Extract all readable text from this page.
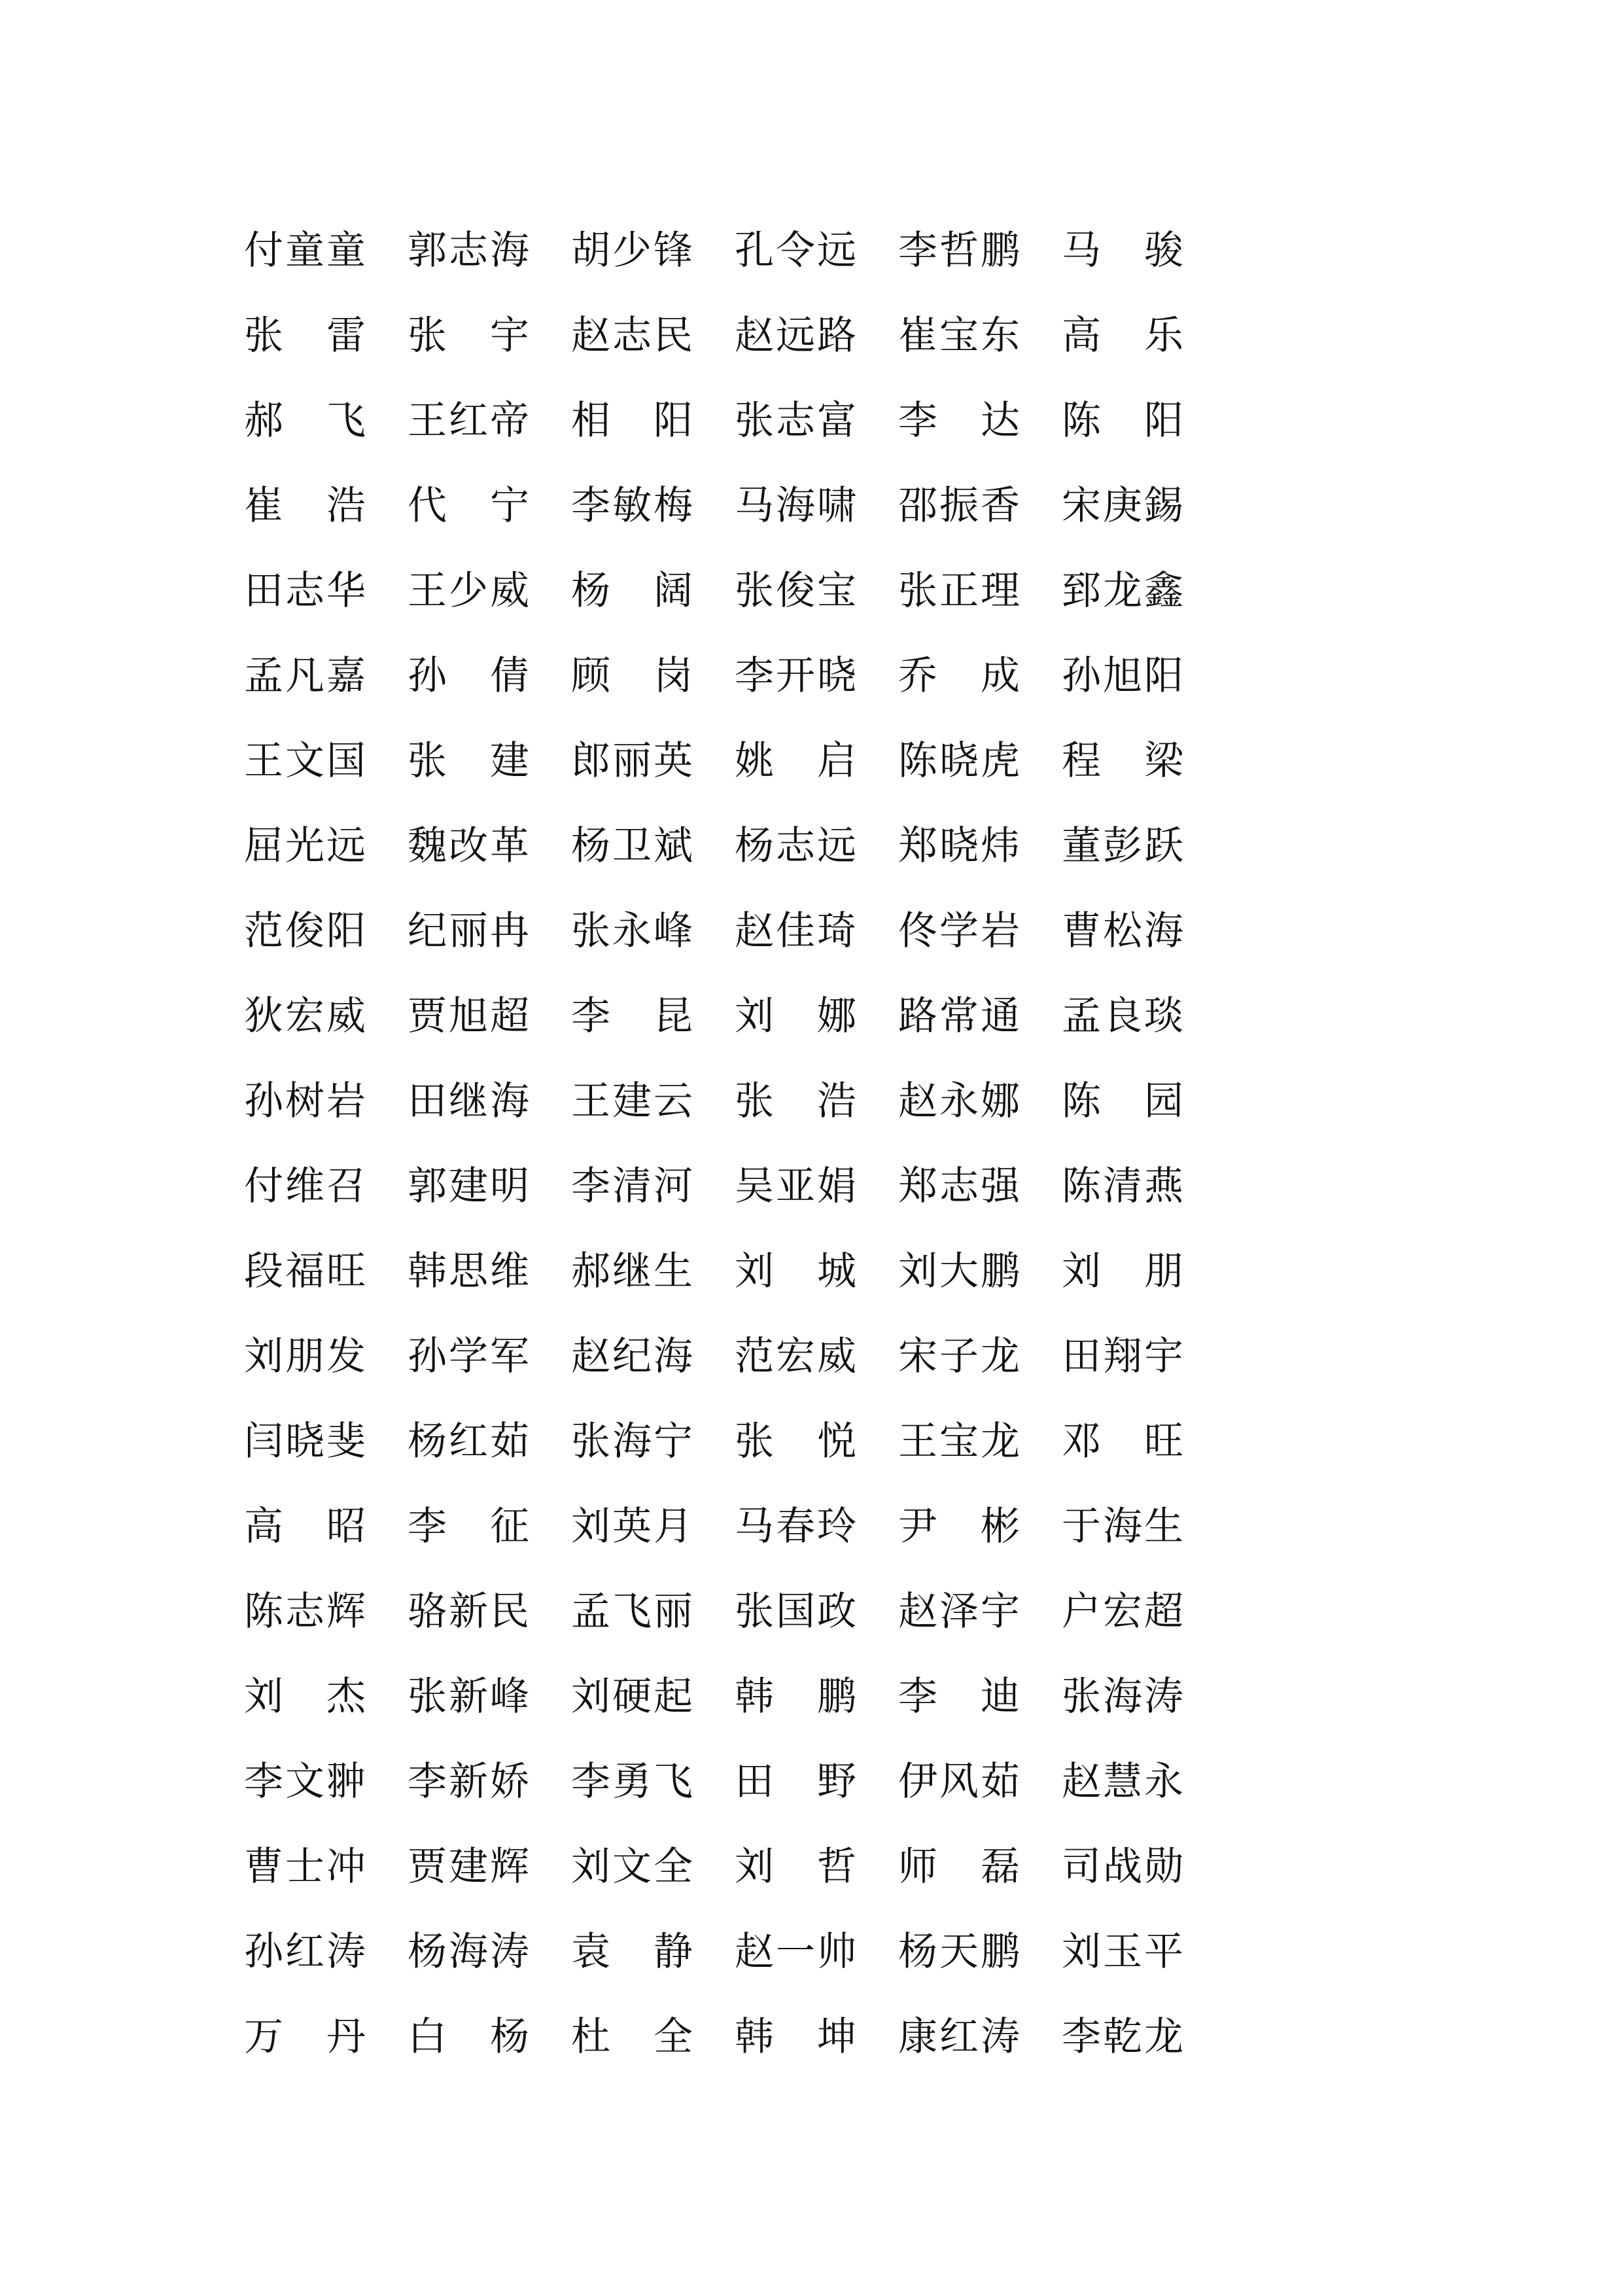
付 童 童 郭 志 海 胡 少 锋 孔 令 远 李 哲 鹏 马 骏
张 雷 张 宇 赵 志 民 赵 远 路 崔 宝 东 高 乐
郝 飞 王 红 帝 相 阳 张 志 富 李 达 陈 阳
崔 浩 代 宁 李 敏 梅 马 海 啸 邵 振 香 宋 庚 錫
田 志 华 王 少 威 杨 阔 张 俊 宝 张 正 理 郅 龙 鑫
孟 凡 嘉 孙 倩 顾 岗 李 开 晓 乔 成 孙 旭 阳
王 文 国 张 建 郎 丽 英 姚 启 陈 晓 虎 程 梁
屈 光 远 魏 改 革 杨 卫 斌 杨 志 远 郑 晓 炜 董 彭 跃
范 俊 阳 纪 丽 冉 张 永 峰 赵 佳 琦 佟 学 岩 曹 松 海
狄 宏 威 贾 旭 超 李 昆 刘 娜 路 常 通 孟 良 琰
孙 树 岩 田 继 海 王 建 云 张 浩 赵 永 娜 陈 园
付 维 召 郭 建 明 李 清 河 吴 亚 娟 郑 志 强 陈 清 燕
段 福 旺 韩 思 维 郝 继 生 刘 城 刘 大 鹏 刘 朋
刘 朋 发 孙 学 军 赵 纪 海 范 宏 威 宋 子 龙 田 翔 宇
闫 晓 斐 杨 红 茹 张 海 宁 张 悦 王 宝 龙 邓 旺
高 昭 李 征 刘 英 月 马 春 玲 尹 彬 于 海 生
陈 志 辉 骆 新 民 孟 飞 丽 张 国 政 赵 泽 宇 户 宏 超
刘 杰 张 新 峰 刘 硬 起 韩 鹏 李 迪 张 海 涛
李 文 翀 李 新 娇 李 勇 飞 田 野 伊 风 茹 赵 慧 永
曹 士 冲 贾 建 辉 刘 文 全 刘 哲 师 磊 司 战 勋
孙 红 涛 杨 海 涛 袁 静 赵 一 帅 杨 天 鹏 刘 玉 平
万 丹 白 杨 杜 全 韩 坤 康 红 涛 李 乾 龙
